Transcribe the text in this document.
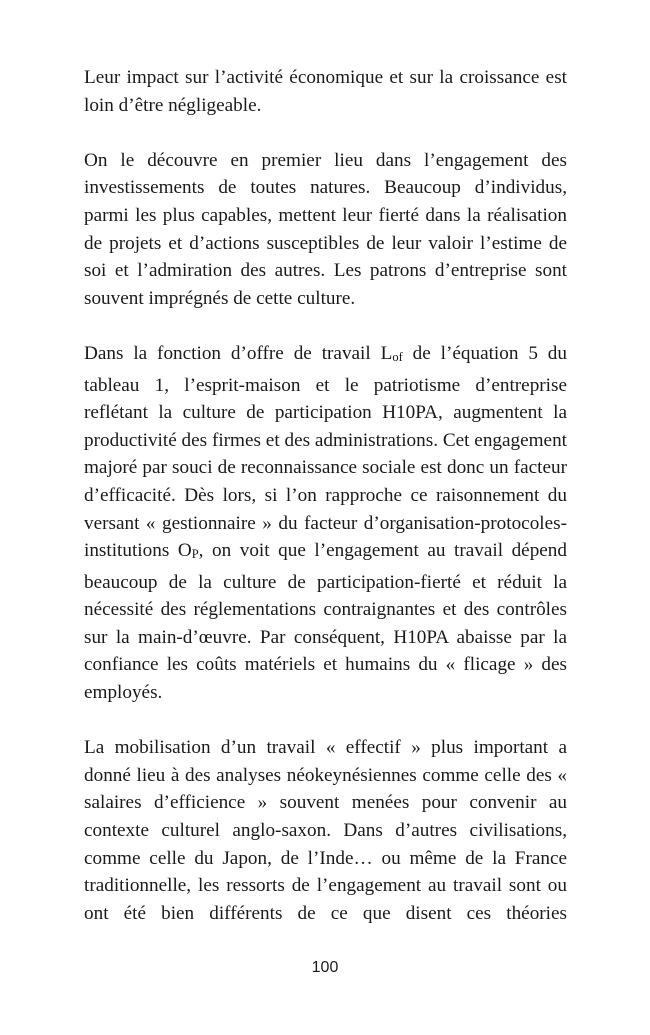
Leur impact sur l’activité économique et sur la croissance est loin d’être négligeable.

On le découvre en premier lieu dans l’engagement des investissements de toutes natures. Beaucoup d’individus, parmi les plus capables, mettent leur fierté dans la réalisation de projets et d’actions susceptibles de leur valoir l’estime de soi et l’admiration des autres. Les patrons d’entreprise sont souvent imprégnés de cette culture.

Dans la fonction d’offre de travail Lof de l’équation 5 du tableau 1, l’esprit-maison et le patriotisme d’entreprise reflétant la culture de participation H10PA, augmentent la productivité des firmes et des administrations. Cet engagement majoré par souci de reconnaissance sociale est donc un facteur d’efficacité. Dès lors, si l’on rapproche ce raisonnement du versant « gestionnaire » du facteur d’organisation-protocoles-institutions OP, on voit que l’engagement au travail dépend beaucoup de la culture de participation-fierté et réduit la nécessité des réglementations contraignantes et des contrôles sur la main-d’œuvre. Par conséquent, H10PA abaisse par la confiance les coûts matériels et humains du « flicage » des employés.

La mobilisation d’un travail « effectif » plus important a donné lieu à des analyses néokeynésiennes comme celle des « salaires d’efficience » souvent menées pour convenir au contexte culturel anglo-saxon. Dans d’autres civilisations, comme celle du Japon, de l’Inde… ou même de la France traditionnelle, les ressorts de l’engagement au travail sont ou ont été bien différents de ce que disent ces théories

100
